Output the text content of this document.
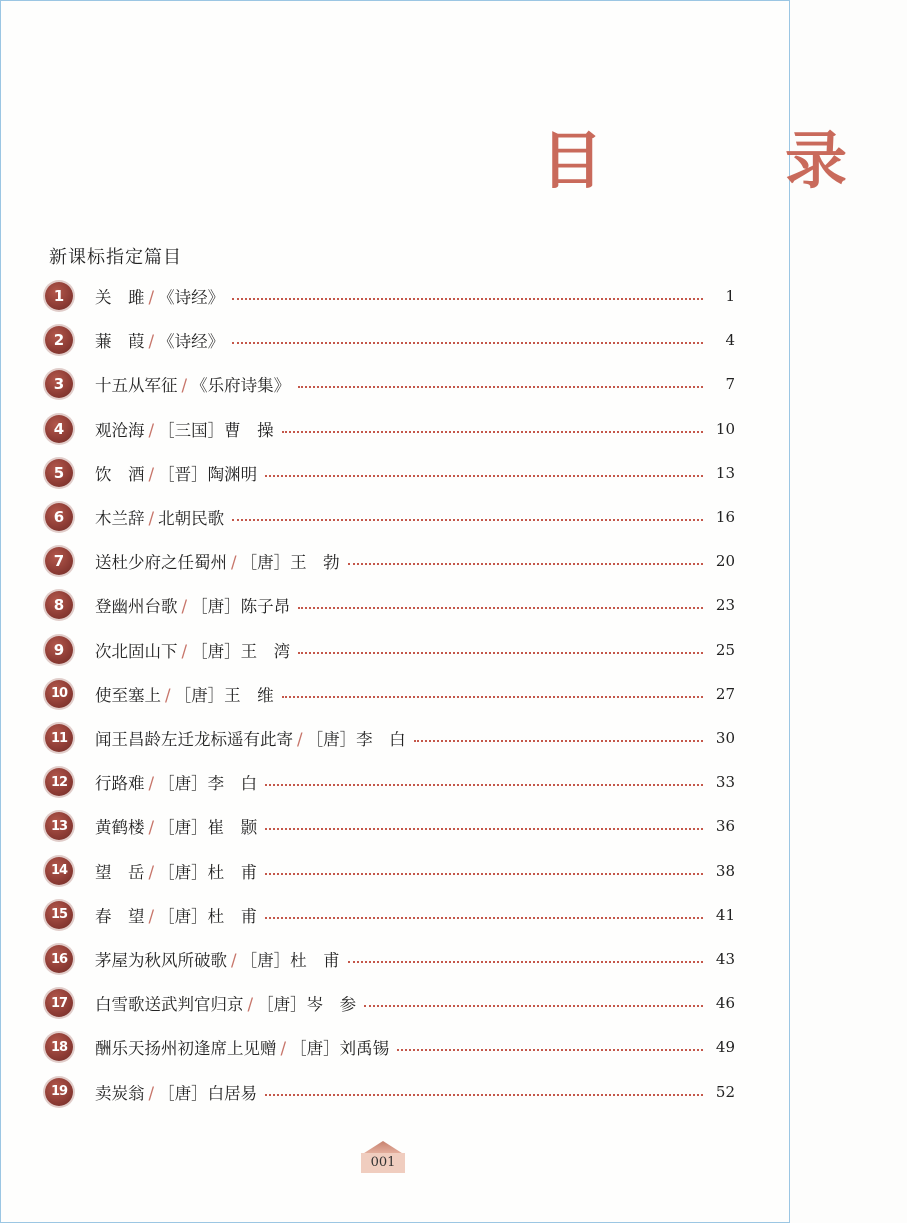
目　录
新课标指定篇目
1	关　雎 / 《诗经》	1
2	蒹　葭 / 《诗经》	4
3	十五从军征 / 《乐府诗集》	7
4	观沧海 / ［三国］曹　操	10
5	饮　酒 / ［晋］陶渊明	13
6	木兰辞 / 北朝民歌	16
7	送杜少府之任蜀州 / ［唐］王　勃	20
8	登幽州台歌 / ［唐］陈子昂	23
9	次北固山下 / ［唐］王　湾	25
10	使至塞上 / ［唐］王　维	27
11	闻王昌龄左迁龙标遥有此寄 / ［唐］李　白	30
12	行路难 / ［唐］李　白	33
13	黄鹤楼 / ［唐］崔　颢	36
14	望　岳 / ［唐］杜　甫	38
15	春　望 / ［唐］杜　甫	41
16	茅屋为秋风所破歌 / ［唐］杜　甫	43
17	白雪歌送武判官归京 / ［唐］岑　参	46
18	酬乐天扬州初逢席上见赠 / ［唐］刘禹锡	49
19	卖炭翁 / ［唐］白居易	52
001
